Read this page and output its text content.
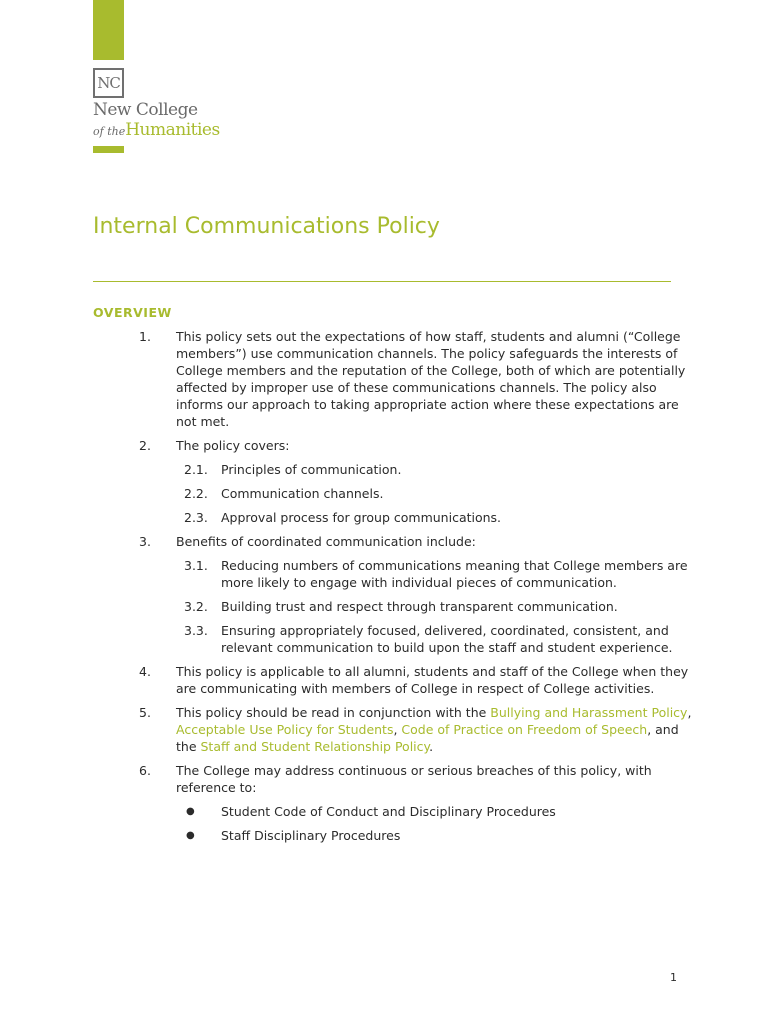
NC
New College
of theHumanities
Internal Communications Policy
OVERVIEW
1. This policy sets out the expectations of how staff, students and alumni (“College members”) use communication channels. The policy safeguards the interests of College members and the reputation of the College, both of which are potentially affected by improper use of these communications channels. The policy also informs our approach to taking appropriate action where these expectations are not met.
2. The policy covers:
2.1. Principles of communication.
2.2. Communication channels.
2.3. Approval process for group communications.
3. Benefits of coordinated communication include:
3.1. Reducing numbers of communications meaning that College members are more likely to engage with individual pieces of communication.
3.2. Building trust and respect through transparent communication.
3.3. Ensuring appropriately focused, delivered, coordinated, consistent, and relevant communication to build upon the staff and student experience.
4. This policy is applicable to all alumni, students and staff of the College when they are communicating with members of College in respect of College activities.
5. This policy should be read in conjunction with the Bullying and Harassment Policy, Acceptable Use Policy for Students, Code of Practice on Freedom of Speech, and the Staff and Student Relationship Policy.
6. The College may address continuous or serious breaches of this policy, with reference to:
● Student Code of Conduct and Disciplinary Procedures
● Staff Disciplinary Procedures
1
